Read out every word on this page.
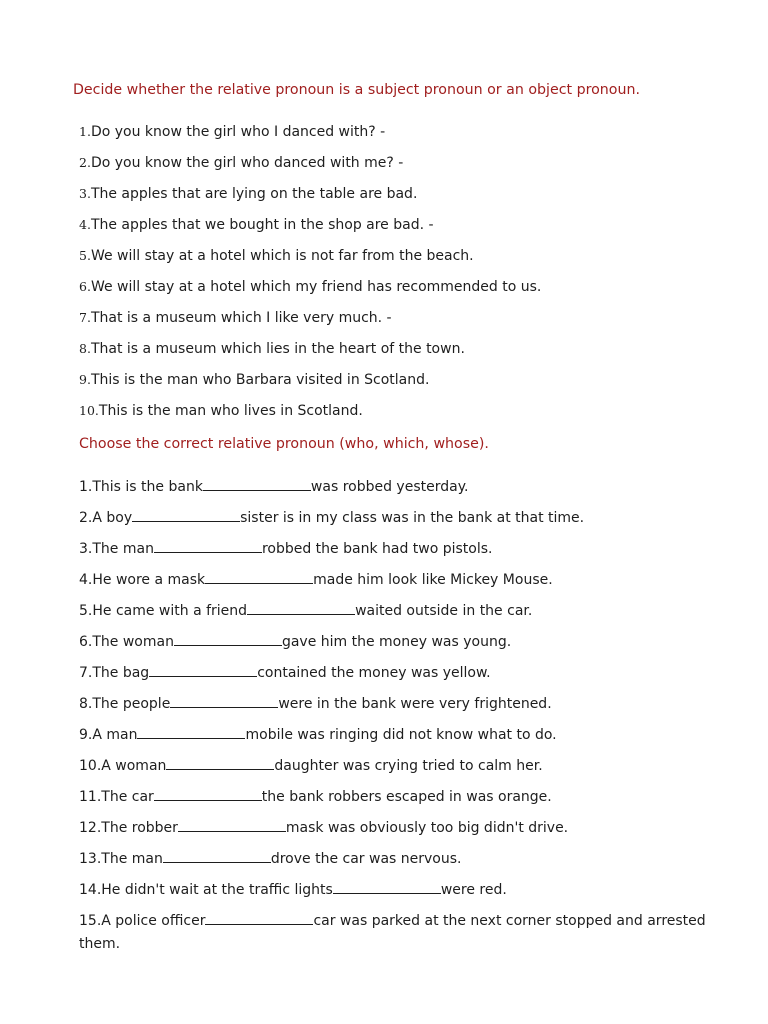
Decide whether the relative pronoun is a subject pronoun or an object pronoun.
1.Do you know the girl who I danced with? -
2.Do you know the girl who danced with me? -
3.The apples that are lying on the table are bad.
4.The apples that we bought in the shop are bad. -
5.We will stay at a hotel which is not far from the beach.
6.We will stay at a hotel which my friend has recommended to us.
7.That is a museum which I like very much. -
8.That is a museum which lies in the heart of the town.
9.This is the man who Barbara visited in Scotland.
10.This is the man who lives in Scotland.
Choose the correct relative pronoun (who, which, whose).
1.This is the bank	was robbed yesterday.
2.A boy	sister is in my class was in the bank at that time.
3.The man	robbed the bank had two pistols.
4.He wore a mask	made him look like Mickey Mouse.
5.He came with a friend	waited outside in the car.
6.The woman	gave him the money was young.
7.The bag	contained the money was yellow.
8.The people	were in the bank were very frightened.
9.A man	mobile was ringing did not know what to do.
10.A woman	daughter was crying tried to calm her.
11.The car	the bank robbers escaped in was orange.
12.The robber	mask was obviously too big didn't drive.
13.The man	drove the car was nervous.
14.He didn't wait at the traffic lights	were red.
15.A police officer	car was parked at the next corner stopped and arrested them.
